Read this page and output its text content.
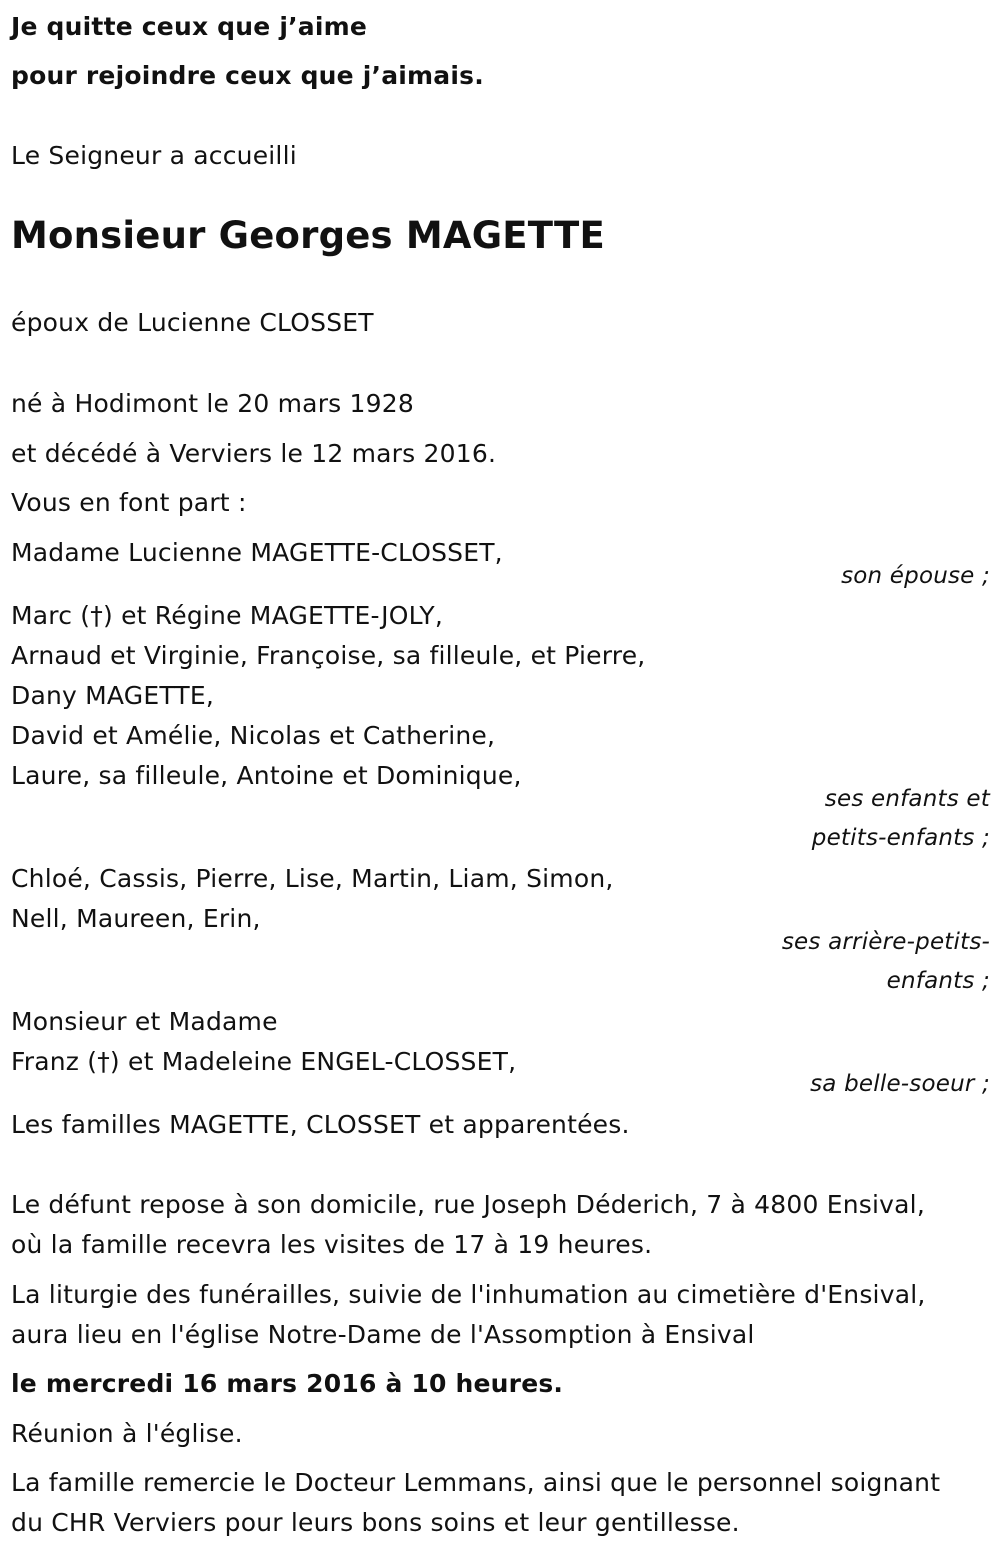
Je quitte ceux que j’aime
pour rejoindre ceux que j’aimais.
Le Seigneur a accueilli
Monsieur Georges MAGETTE
époux de Lucienne CLOSSET
né à Hodimont le 20 mars 1928
et décédé à Verviers le 12 mars 2016.
Vous en font part :
Madame Lucienne MAGETTE-CLOSSET,
son épouse ;
Marc (†) et Régine MAGETTE-JOLY,
Arnaud et Virginie, Françoise, sa filleule, et Pierre,
Dany MAGETTE,
David et Amélie, Nicolas et Catherine,
Laure, sa filleule, Antoine et Dominique,
ses enfants et
petits-enfants ;
Chloé, Cassis, Pierre, Lise, Martin, Liam, Simon,
Nell, Maureen, Erin,
ses arrière-petits-
enfants ;
Monsieur et Madame
Franz (†) et Madeleine ENGEL-CLOSSET,
sa belle-soeur ;
Les familles MAGETTE, CLOSSET et apparentées.
Le défunt repose à son domicile, rue Joseph Déderich, 7 à 4800 Ensival,
où la famille recevra les visites de 17 à 19 heures.
La liturgie des funérailles, suivie de l'inhumation au cimetière d'Ensival,
aura lieu en l'église Notre-Dame de l'Assomption à Ensival
le mercredi 16 mars 2016 à 10 heures.
Réunion à l'église.
La famille remercie le Docteur Lemmans, ainsi que le personnel soignant
du CHR Verviers pour leurs bons soins et leur gentillesse.
